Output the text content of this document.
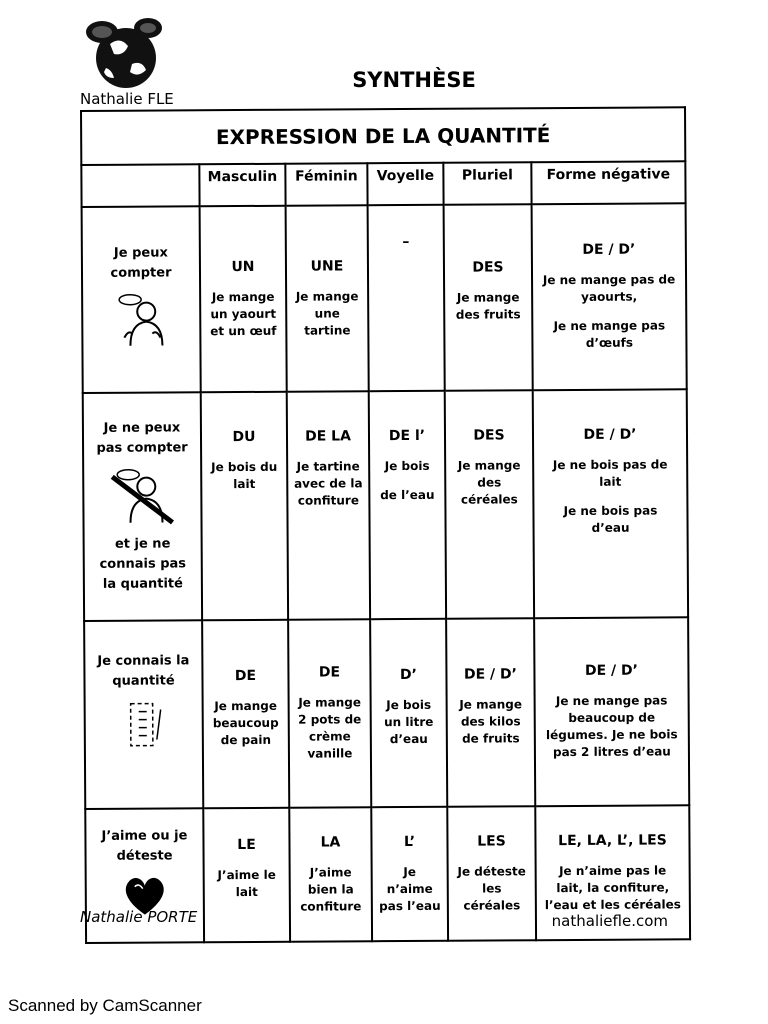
Nathalie FLE
SYNTHÈSE
EXPRESSION DE LA QUANTITÉ					
	Masculin	Féminin	Voyelle	Pluriel	Forme négative

Je peux
compter	UN
Je mange
un yaourt
et un œuf	UNE
Je mange
une
tartine	–	DES
Je mange
des fruits	DE / D’
Je ne mange pas de
yaourts,
Je ne mange pas
d’œufs

Je ne peux
pas compter
et je ne
connais pas
la quantité	DU
Je bois du
lait	DE LA
Je tartine
avec de la
confiture	DE l’
Je bois
de l’eau	DES
Je mange
des
céréales	DE / D’
Je ne bois pas de
lait
Je ne bois pas
d’eau

Je connais la
quantité	DE
Je mange
beaucoup
de pain	DE
Je mange
2 pots de
crème
vanille	D’
Je bois
un litre
d’eau	DE / D’
Je mange
des kilos
de fruits	DE / D’
Je ne mange pas
beaucoup de
légumes. Je ne bois
pas 2 litres d’eau

J’aime ou je
déteste	LE
J’aime le
lait	LA
J’aime
bien la
confiture	L’
Je
n’aime
pas l’eau	LES
Je déteste
les
céréales	LE, LA, L’, LES
Je n’aime pas le
lait, la confiture,
l’eau et les céréales
Nathalie PORTE	nathaliefle.com
Scanned by CamScanner
